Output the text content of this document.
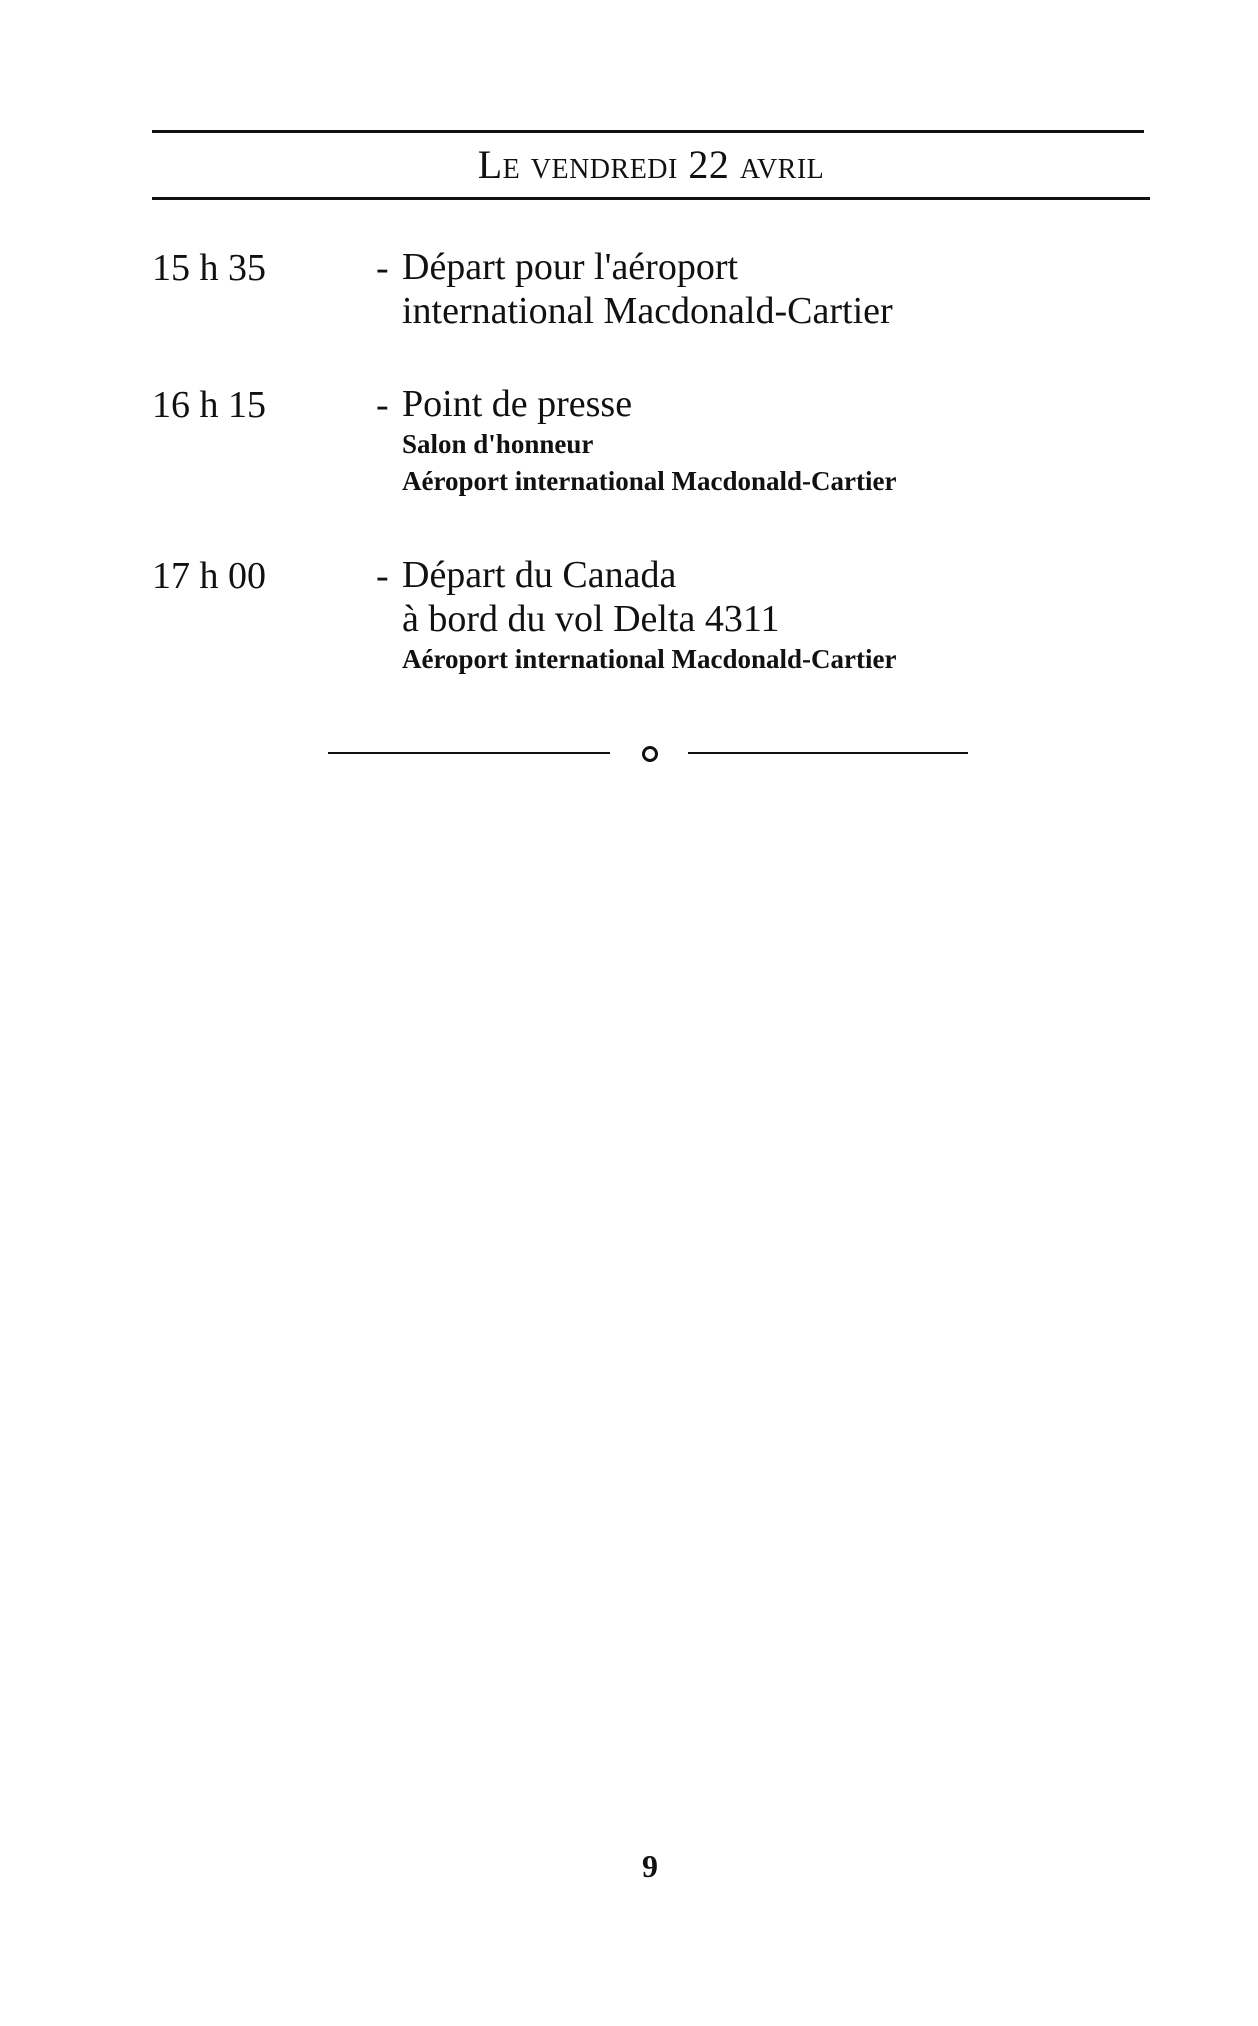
Le vendredi 22 avril
15 h 35	- Départ pour l'aéroport
international Macdonald-Cartier
16 h 15	- Point de presse
Salon d'honneur
Aéroport international Macdonald-Cartier
17 h 00	- Départ du Canada
à bord du vol Delta 4311
Aéroport international Macdonald-Cartier
9
